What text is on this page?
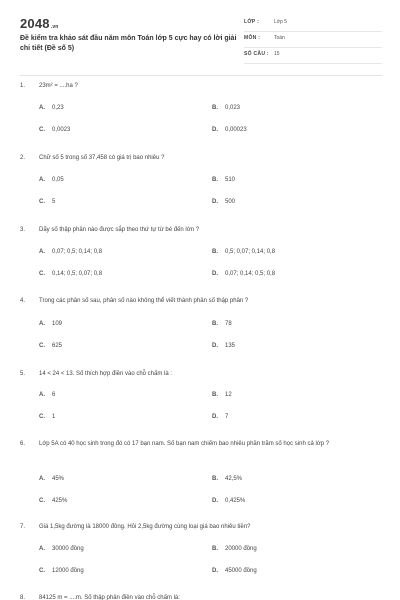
2048.vn
Đề kiểm tra khảo sát đầu năm môn Toán lớp 5 cực hay có lời giải chi tiết (Đề số 5)
LỚP :	Lớp 5
MÔN :	Toán
SỐ CÂU : 15
1. 23m² = ....ha ?
A. 0,23	B. 0,023
C. 0,0023	D. 0,00023
2. Chữ số 5 trong số 37,458 có giá trị bao nhiêu ?
A. 0,05	B. 510
C. 5	D. 500
3. Dãy số thập phân nào được sắp theo thứ tự từ bé đến lớn ?
A. 0,07; 0,5; 0,14; 0,8	B. 0,5; 0,07; 0,14; 0,8
C. 0,14; 0,5; 0,07; 0,8	D. 0,07; 0,14; 0,5; 0,8
4. Trong các phân số sau, phân số nào không thể viết thành phân số thập phân ?
A. 109	B. 78
C. 625	D. 135
5. 14 < 24 < 13. Số thích hợp điền vào chỗ chấm là :
A. 6	B. 12
C. 1	D. 7
6. Lớp 5A có 40 học sinh trong đó có 17 bạn nam. Số bạn nam chiếm bao nhiêu phần trăm số học sinh cả lớp ?
A. 45%	B. 42,5%
C. 425%	D. 0,425%
7. Giá 1,5kg đường là 18000 đồng. Hỏi 2,5kg đường cùng loại giá bao nhiêu tiền?
A. 30000 đồng	B. 20000 đồng
C. 12000 đồng	D. 45000 đồng
8. 84125 m = ....m. Số thập phân điền vào chỗ chấm là:
